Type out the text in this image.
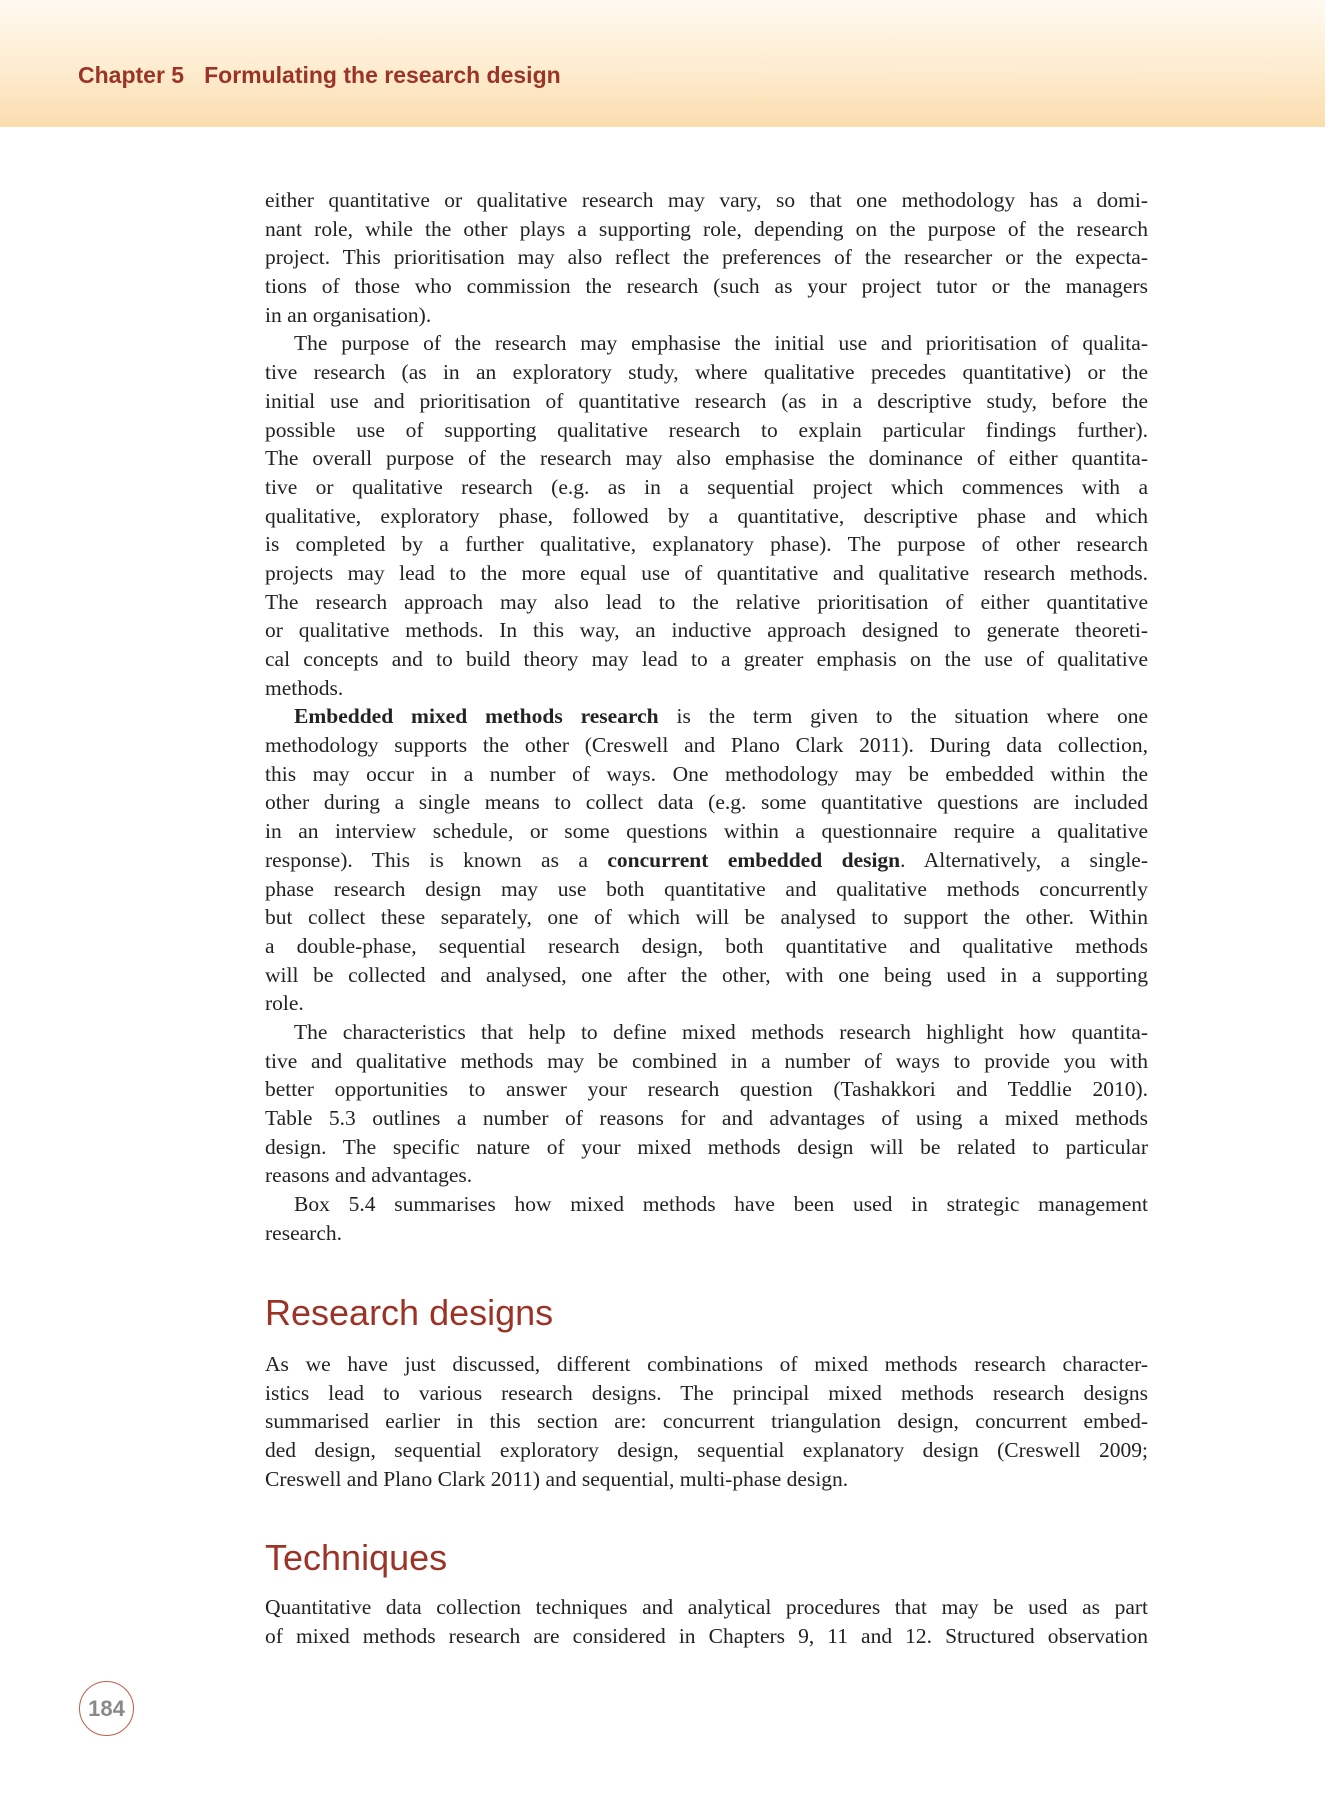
Chapter 5 Formulating the research design
either quantitative or qualitative research may vary, so that one methodology has a domi-
nant role, while the other plays a supporting role, depending on the purpose of the research
project. This prioritisation may also reflect the preferences of the researcher or the expecta-
tions of those who commission the research (such as your project tutor or the managers
in an organisation).
The purpose of the research may emphasise the initial use and prioritisation of qualita-
tive research (as in an exploratory study, where qualitative precedes quantitative) or the
initial use and prioritisation of quantitative research (as in a descriptive study, before the
possible use of supporting qualitative research to explain particular findings further).
The overall purpose of the research may also emphasise the dominance of either quantita-
tive or qualitative research (e.g. as in a sequential project which commences with a
qualitative, exploratory phase, followed by a quantitative, descriptive phase and which
is completed by a further qualitative, explanatory phase). The purpose of other research
projects may lead to the more equal use of quantitative and qualitative research methods.
The research approach may also lead to the relative prioritisation of either quantitative
or qualitative methods. In this way, an inductive approach designed to generate theoreti-
cal concepts and to build theory may lead to a greater emphasis on the use of qualitative
methods.
Embedded mixed methods research is the term given to the situation where one
methodology supports the other (Creswell and Plano Clark 2011). During data collection,
this may occur in a number of ways. One methodology may be embedded within the
other during a single means to collect data (e.g. some quantitative questions are included
in an interview schedule, or some questions within a questionnaire require a qualitative
response). This is known as a concurrent embedded design. Alternatively, a single-
phase research design may use both quantitative and qualitative methods concurrently
but collect these separately, one of which will be analysed to support the other. Within
a double-phase, sequential research design, both quantitative and qualitative methods
will be collected and analysed, one after the other, with one being used in a supporting
role.
The characteristics that help to define mixed methods research highlight how quantita-
tive and qualitative methods may be combined in a number of ways to provide you with
better opportunities to answer your research question (Tashakkori and Teddlie 2010).
Table 5.3 outlines a number of reasons for and advantages of using a mixed methods
design. The specific nature of your mixed methods design will be related to particular
reasons and advantages.
Box 5.4 summarises how mixed methods have been used in strategic management
research.
Research designs
As we have just discussed, different combinations of mixed methods research character-
istics lead to various research designs. The principal mixed methods research designs
summarised earlier in this section are: concurrent triangulation design, concurrent embed-
ded design, sequential exploratory design, sequential explanatory design (Creswell 2009;
Creswell and Plano Clark 2011) and sequential, multi-phase design.
Techniques
Quantitative data collection techniques and analytical procedures that may be used as part
of mixed methods research are considered in Chapters 9, 11 and 12. Structured observation
184
